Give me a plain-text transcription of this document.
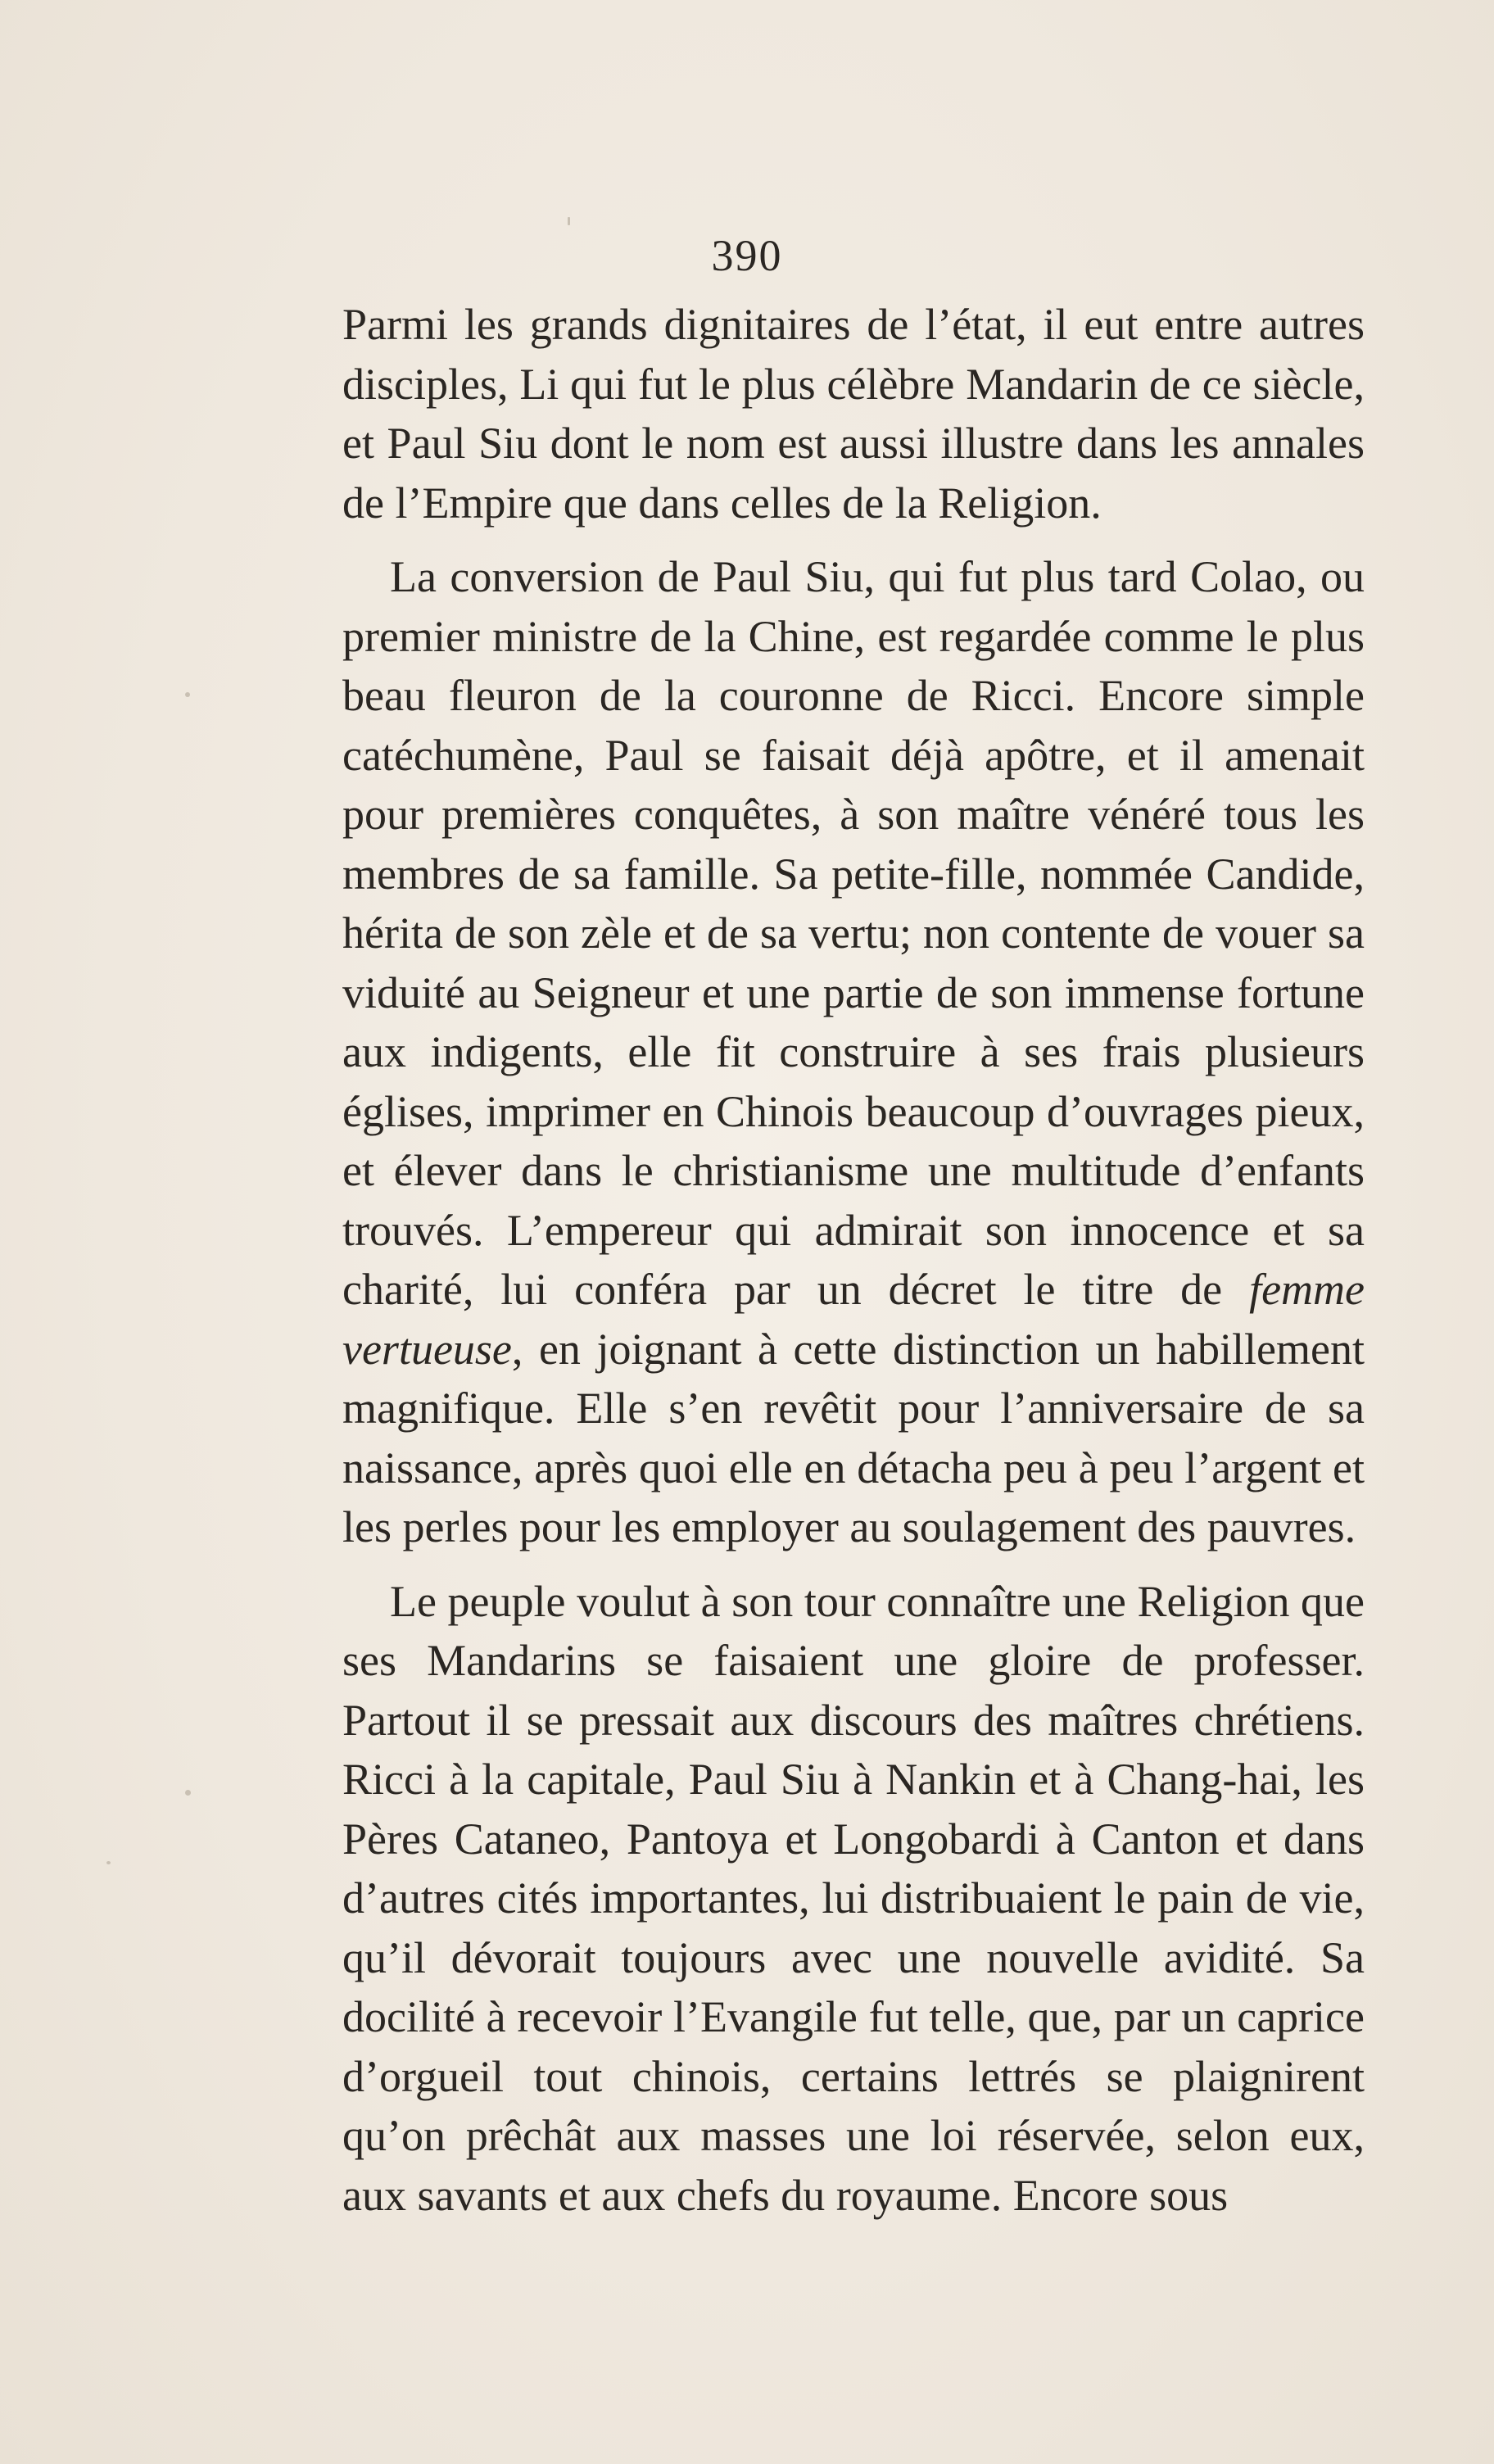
390

Parmi les grands dignitaires de l’état, il eut entre autres disciples, Li qui fut le plus célèbre Mandarin de ce siècle, et Paul Siu dont le nom est aussi illustre dans les annales de l’Empire que dans celles de la Religion.

La conversion de Paul Siu, qui fut plus tard Colao, ou premier ministre de la Chine, est regardée comme le plus beau fleuron de la couronne de Ricci. Encore simple catéchumène, Paul se faisait déjà apôtre, et il amenait pour premières conquêtes, à son maître vénéré tous les membres de sa famille. Sa petite-fille, nommée Candide, hérita de son zèle et de sa vertu; non contente de vouer sa viduité au Seigneur et une partie de son immense fortune aux indigents, elle fit construire à ses frais plusieurs églises, imprimer en Chinois beaucoup d’ouvrages pieux, et élever dans le christianisme une multitude d’enfants trouvés. L’empereur qui admirait son innocence et sa charité, lui conféra par un décret le titre de femme vertueuse, en joignant à cette distinction un habillement magnifique. Elle s’en revêtit pour l’anniversaire de sa naissance, après quoi elle en détacha peu à peu l’argent et les perles pour les employer au soulagement des pauvres.

Le peuple voulut à son tour connaître une Religion que ses Mandarins se faisaient une gloire de professer. Partout il se pressait aux discours des maîtres chrétiens. Ricci à la capitale, Paul Siu à Nankin et à Chang-hai, les Pères Cataneo, Pantoya et Longobardi à Canton et dans d’autres cités importantes, lui distribuaient le pain de vie, qu’il dévorait toujours avec une nouvelle avidité. Sa docilité à recevoir l’Evangile fut telle, que, par un caprice d’orgueil tout chinois, certains lettrés se plaignirent qu’on prêchât aux masses une loi réservée, selon eux, aux savants et aux chefs du royaume. Encore sous
